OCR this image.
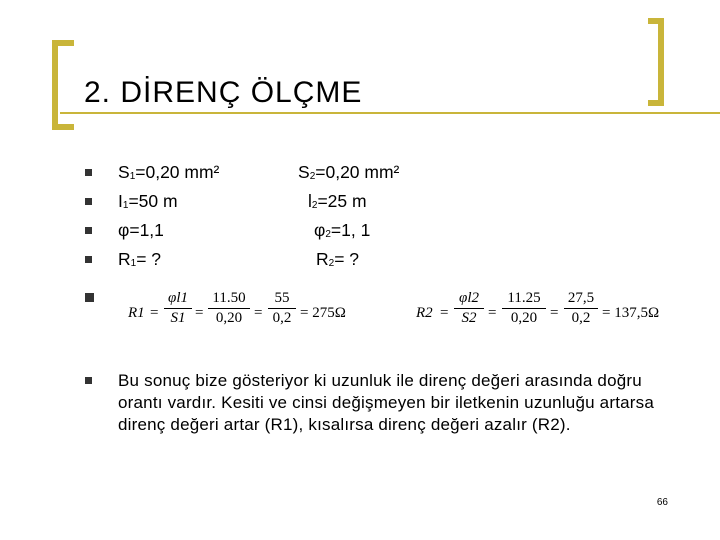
2. DİRENÇ ÖLÇME
$S_1=0,20$ mm²
$I_1=50$ m
φ=1,1
$R_1=$ ?
$S_2=0,20$ mm²
$l_2=25$ m
$\varphi_2=1$, 1
$R_2=$ ?
$R1 = \frac{\varphi l1}{S1} = \frac{11.50}{0,20} = \frac{55}{0,2} = 275\Omega$	$R2 = \frac{\varphi l2}{S2} = \frac{11.25}{0,20} = \frac{27,5}{0,2} = 137,5\Omega$
Bu sonuç bize gösteriyor ki uzunluk ile direnç değeri arasında doğru orantı vardır. Kesiti ve cinsi değişmeyen bir iletkenin uzunluğu artarsa direnç değeri artar (R1), kısalırsa direnç değeri azalır (R2).
66
